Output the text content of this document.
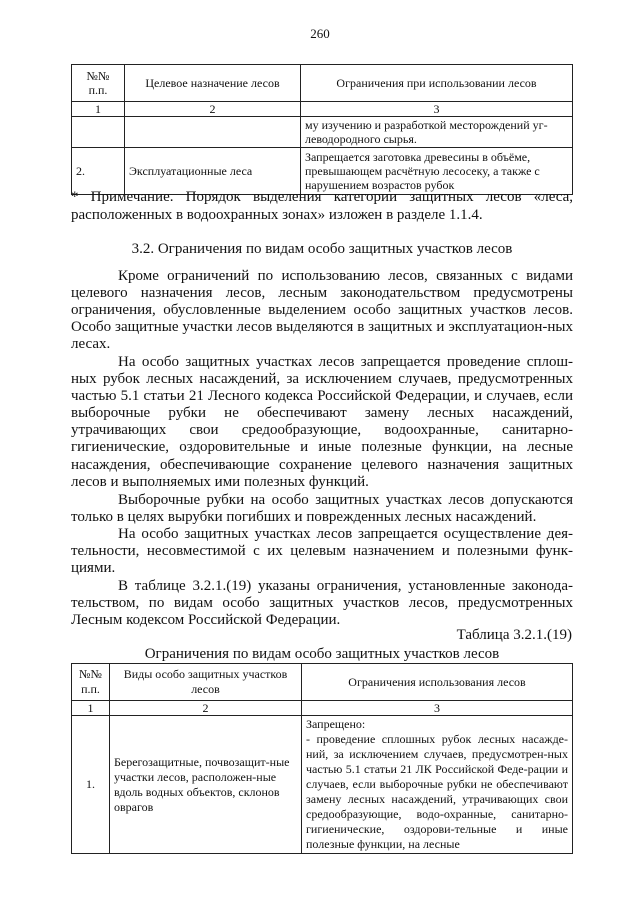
260
№№ п.п.	Целевое назначение лесов	Ограничения при использовании лесов
1	2	3
		му изучению и разработкой месторождений уг-леводородного сырья.
2.	Эксплуатационные леса	Запрещается заготовка древесины в объёме, превышающем расчётную лесосеку, а также с нарушением возрастов рубок
* Примечание. Порядок выделения категории защитных лесов «леса, расположенных в водоохранных зонах» изложен в разделе 1.1.4.
3.2. Ограничения по видам особо защитных участков лесов

Кроме ограничений по использованию лесов, связанных с видами целевого назначения лесов, лесным законодательством предусмотрены ограничения, обусловленные выделением особо защитных участков лесов. Особо защитные участки лесов выделяются в защитных и эксплуатацион-ных лесах.

На особо защитных участках лесов запрещается проведение сплош-ных рубок лесных насаждений, за исключением случаев, предусмотренных частью 5.1 статьи 21 Лесного кодекса Российской Федерации, и случаев, если выборочные рубки не обеспечивают замену лесных насаждений, утрачивающих свои средообразующие, водоохранные, санитарно-гигиенические, оздоровительные и иные полезные функции, на лесные насаждения, обеспечивающие сохранение целевого назначения защитных лесов и выполняемых ими полезных функций.

Выборочные рубки на особо защитных участках лесов допускаются только в целях вырубки погибших и поврежденных лесных насаждений.

На особо защитных участках лесов запрещается осуществление дея-тельности, несовместимой с их целевым назначением и полезными функ-циями.

В таблице 3.2.1.(19) указаны ограничения, установленные законода-тельством, по видам особо защитных участков лесов, предусмотренных Лесным кодексом Российской Федерации.

Таблица 3.2.1.(19)
Ограничения по видам особо защитных участков лесов
№№ п.п.	Виды особо защитных участков лесов	Ограничения использования лесов
1	2	3
1.	Берегозащитные, почвозащит-ные участки лесов, расположен-ные вдоль водных объектов, склонов оврагов	Запрещено:
- проведение сплошных рубок лесных насажде-ний, за исключением случаев, предусмотрен-ных частью 5.1 статьи 21 ЛК Российской Феде-рации и случаев, если выборочные рубки не обеспечивают замену лесных насаждений, утрачивающих свои средообразующие, водо-охранные, санитарно-гигиенические, оздорови-тельные и иные полезные функции, на лесные
